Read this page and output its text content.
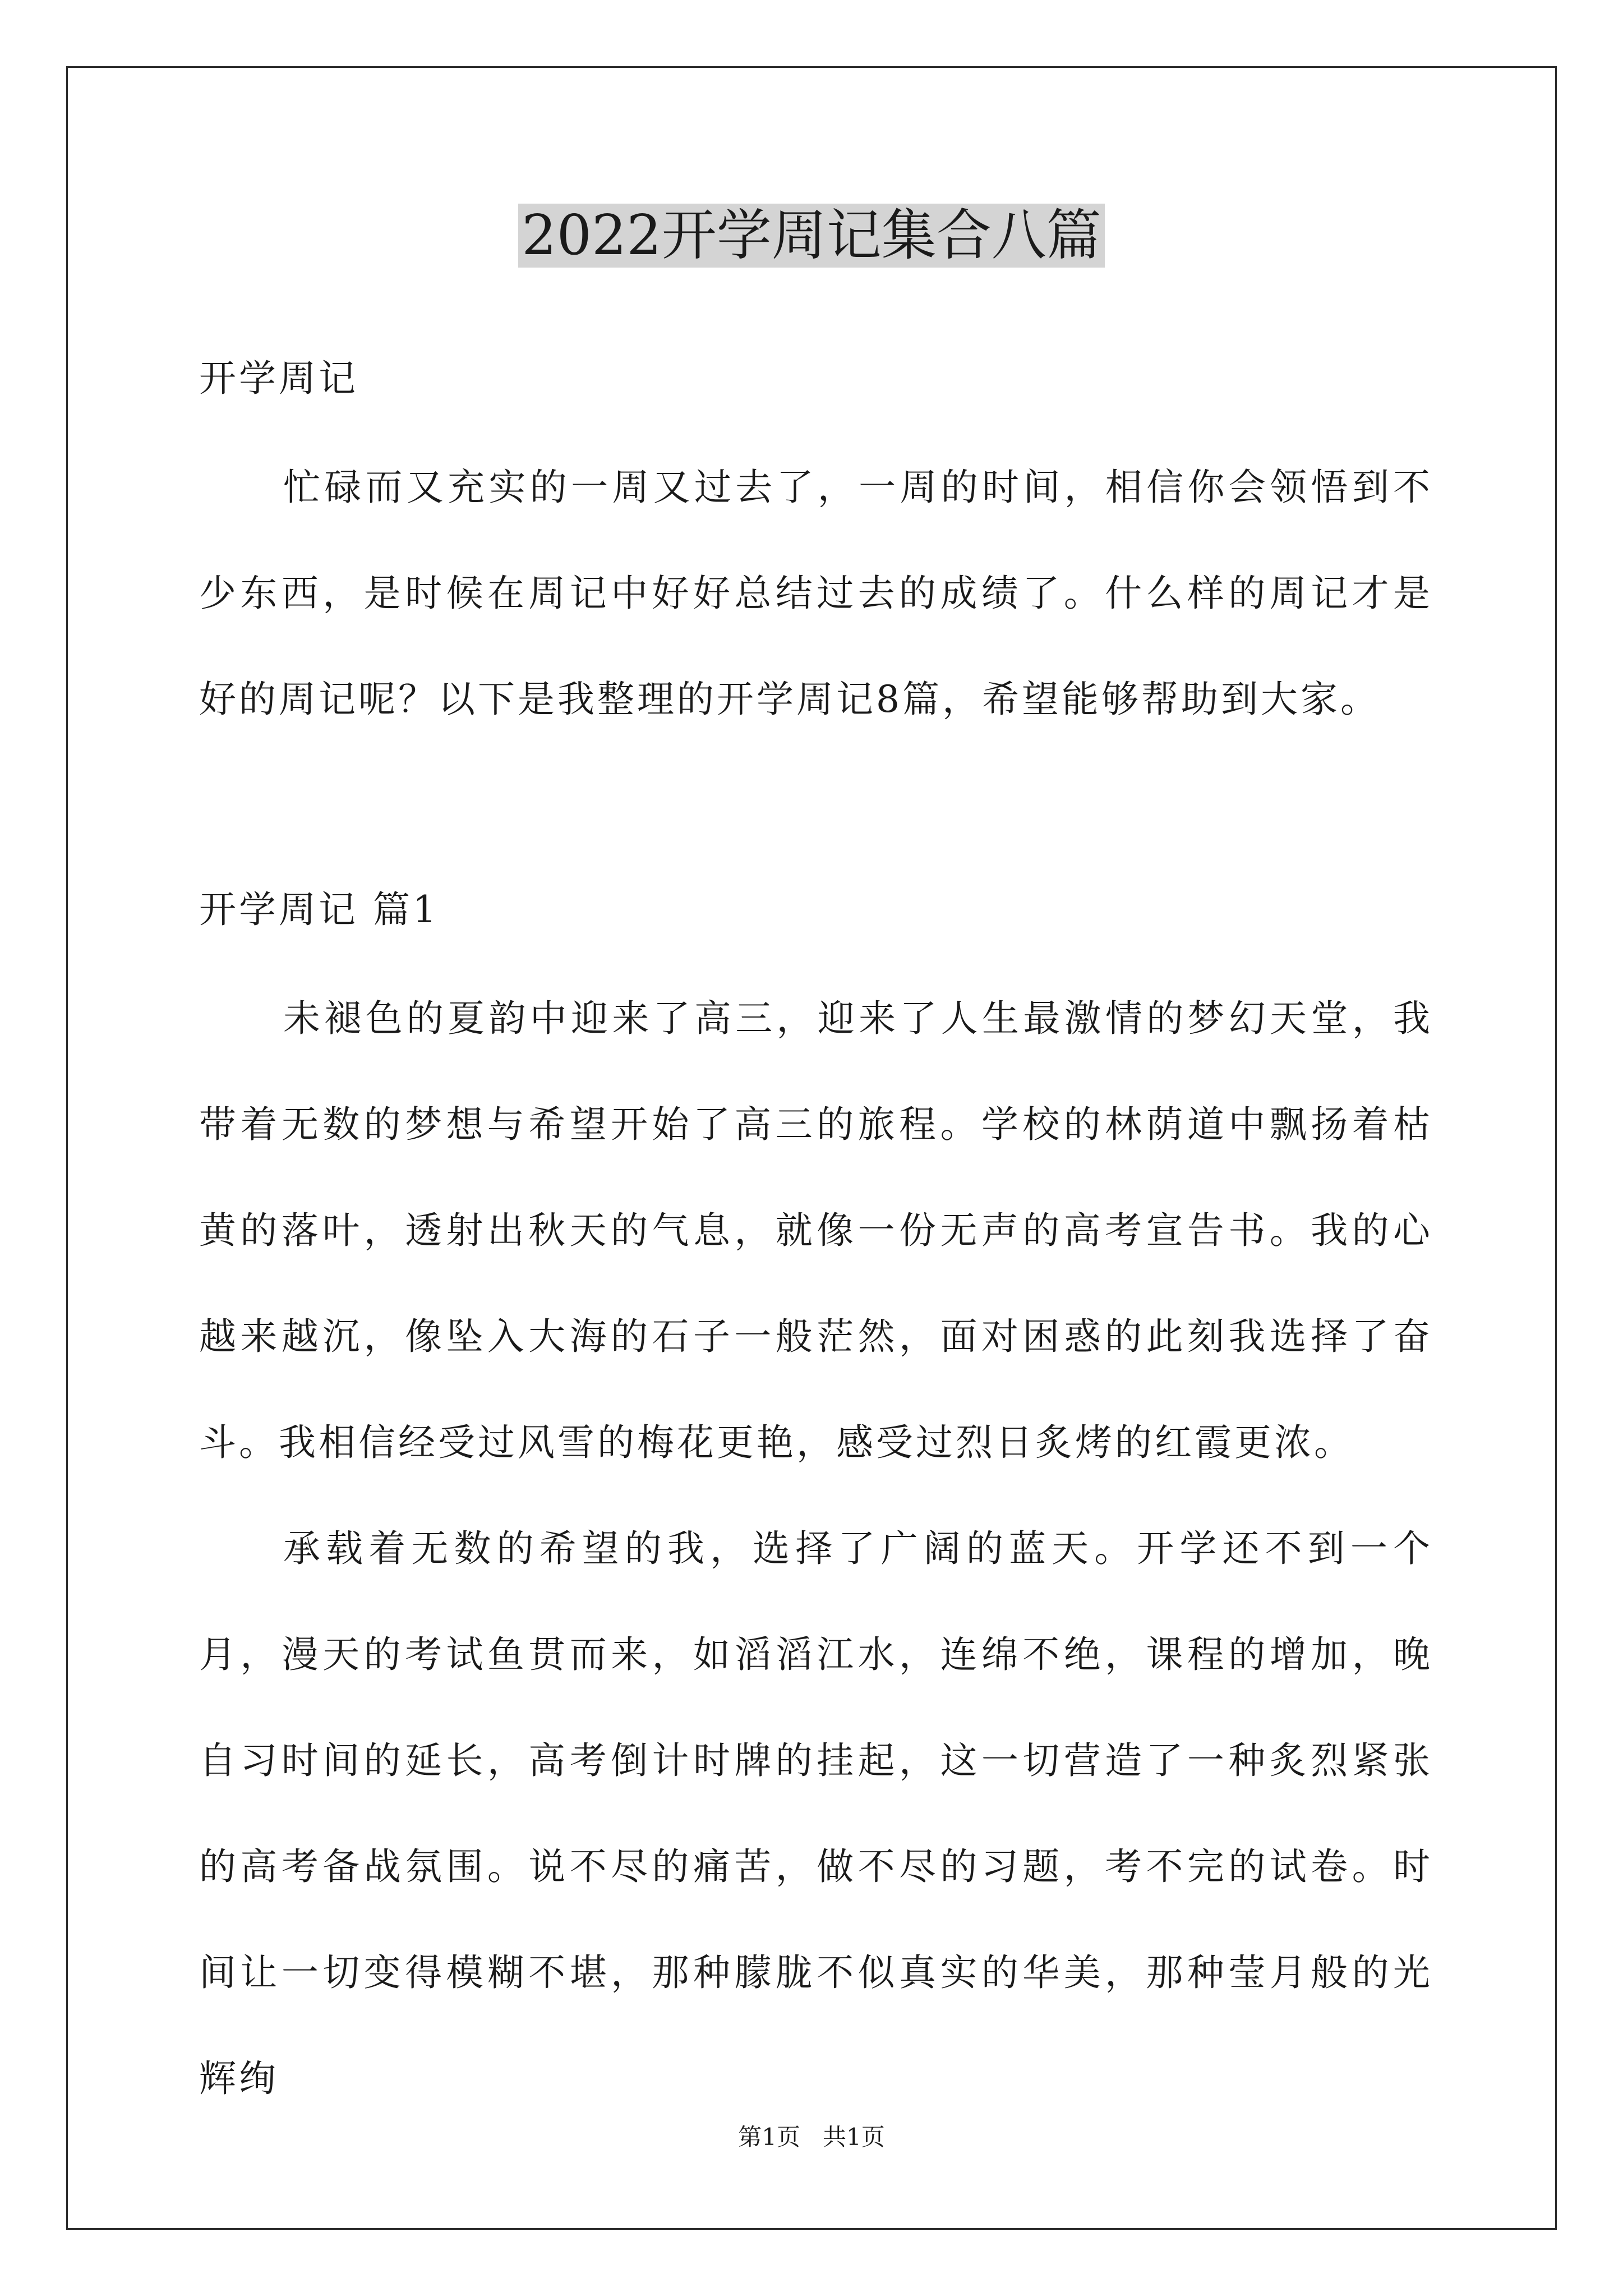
2022开学周记集合八篇

开学周记

忙碌而又充实的一周又过去了，一周的时间，相信你会领悟到不少东西，是时候在周记中好好总结过去的成绩了。什么样的周记才是好的周记呢？以下是我整理的开学周记8篇，希望能够帮助到大家。

开学周记 篇1

未褪色的夏韵中迎来了高三，迎来了人生最激情的梦幻天堂，我带着无数的梦想与希望开始了高三的旅程。学校的林荫道中飘扬着枯黄的落叶，透射出秋天的气息，就像一份无声的高考宣告书。我的心越来越沉，像坠入大海的石子一般茫然，面对困惑的此刻我选择了奋斗。我相信经受过风雪的梅花更艳，感受过烈日炙烤的红霞更浓。

承载着无数的希望的我，选择了广阔的蓝天。开学还不到一个月，漫天的考试鱼贯而来，如滔滔江水，连绵不绝，课程的增加，晚自习时间的延长，高考倒计时牌的挂起，这一切营造了一种炙烈紧张的高考备战氛围。说不尽的痛苦，做不尽的习题，考不完的试卷。时间让一切变得模糊不堪，那种朦胧不似真实的华美，那种莹月般的光辉绚

第1页 共1页
